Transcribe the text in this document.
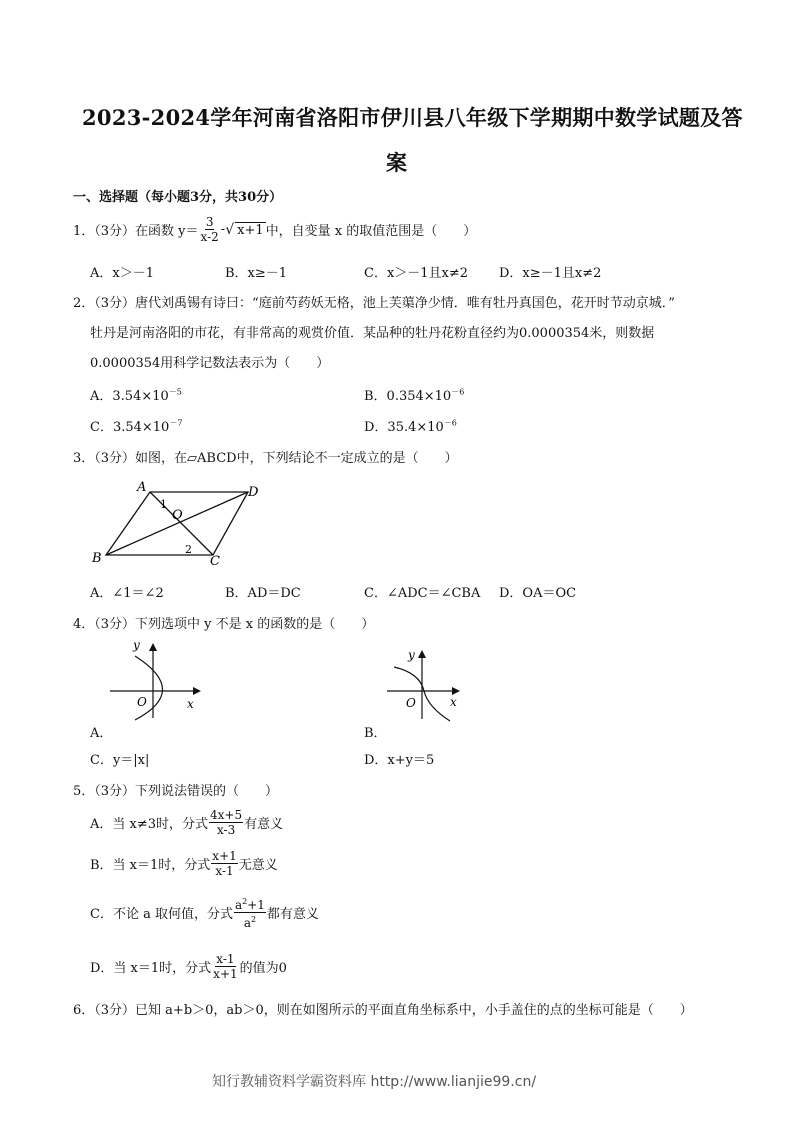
2023-2024学年河南省洛阳市伊川县八年级下学期期中数学试题及答
案
一、选择题（每小题3分，共30分）
1．（3分）在函数 $y= \frac{3}{x-2}$ - √ x+1 中，自变量 x 的取值范围是（　　）
A．x＞－1	B．x≥－1	C．x＞－1且x≠2 D．x≥－1且x≠2
2．（3分）唐代刘禹锡有诗曰：“庭前芍药妖无格，池上芙蕖净少情．唯有牡丹真国色，花开时节动京城．”
牡丹是河南洛阳的市花，有非常高的观赏价值．某品种的牡丹花粉直径约为0.0000354米，则数据
0.0000354用科学记数法表示为（　　）
A．$3.54\times 10^{-5}$	B．$0.354\times 10^{-6}$
C．$3.54\times 10^{-7}$	D．$35.4\times 10^{-6}$
3．（3分）如图，在▱ABCD中，下列结论不一定成立的是（　　）
A	D
B	C
O
1
2
A．∠1＝∠2	B．AD＝DC	C．∠ADC＝∠CBA D．OA＝OC
4．（3分）下列选项中 y 不是 x 的函数的是（　　）
y
x
O
A．
y
x
O
B．
C．y＝|x|	D．x+y＝5
5．（3分）下列说法错误的（　　）
A．当 x≠3时，分式 $\frac{4x+5}{x-3}$ 有意义
B．当 x＝1时，分式 $\frac{x+1}{x-1}$ 无意义
C．不论 a 取何值，分式 $\frac{a^2+1}{a^2}$ 都有意义
D．当 x＝1时，分式 $\frac{x-1}{x+1}$ 的值为0
6．（3分）已知 a+b＞0，ab＞0，则在如图所示的平面直角坐标系中，小手盖住的点的坐标可能是（　　）
知行教辅资料学霸资料库 http://www.lianjie99.cn/
